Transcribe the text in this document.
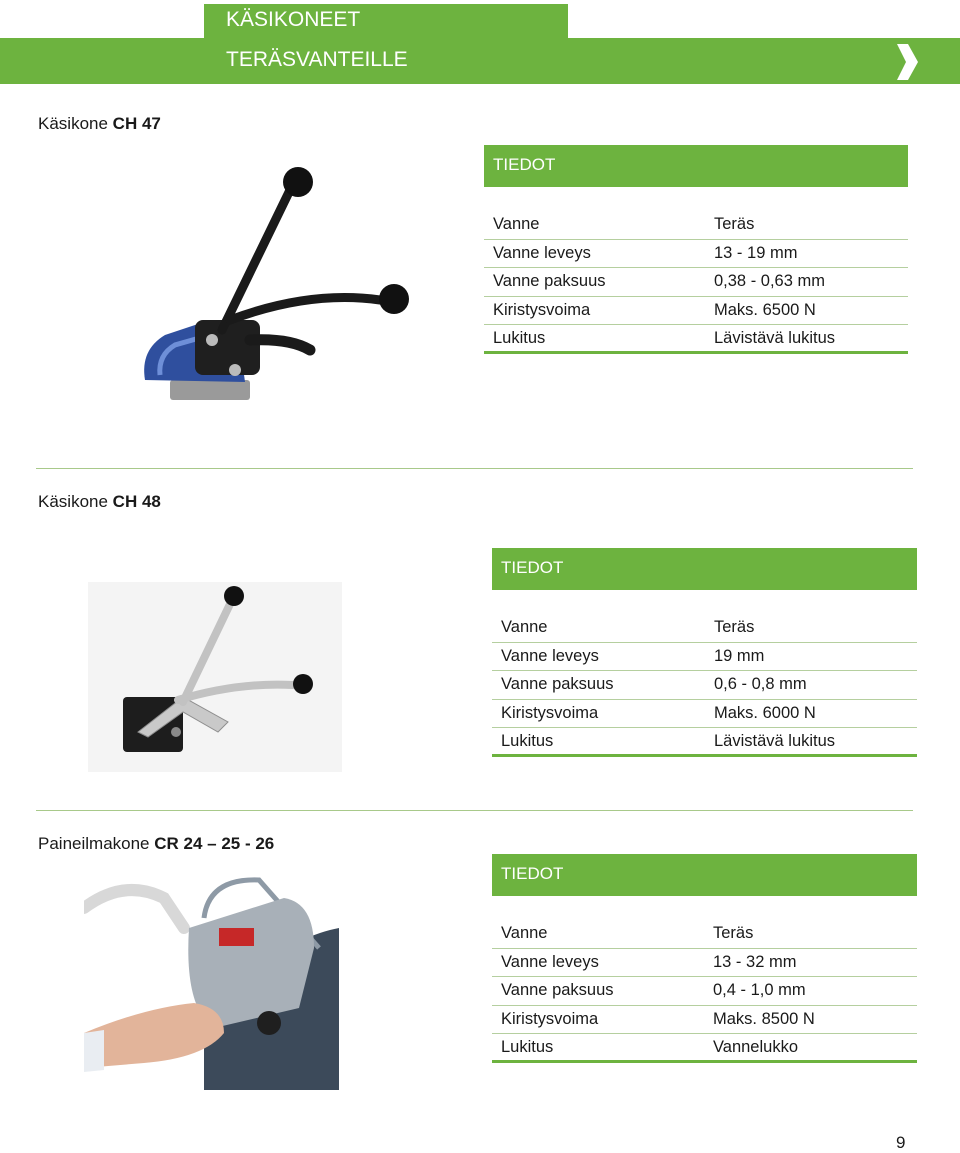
KÄSIKONEET
TERÄSVANTEILLE
Käsikone CH 47
TIEDOT
Vanne	Teräs
Vanne leveys	13 - 19 mm
Vanne paksuus	0,38 - 0,63 mm
Kiristysvoima	Maks. 6500 N
Lukitus	Lävistävä lukitus
Käsikone CH 48
TIEDOT
Vanne	Teräs
Vanne leveys	19 mm
Vanne paksuus	0,6 - 0,8 mm
Kiristysvoima	Maks. 6000 N
Lukitus	Lävistävä lukitus
Paineilmakone CR 24 – 25 - 26
TIEDOT
Vanne	Teräs
Vanne leveys	13 - 32 mm
Vanne paksuus	0,4 - 1,0 mm
Kiristysvoima	Maks. 8500 N
Lukitus	Vannelukko
9
